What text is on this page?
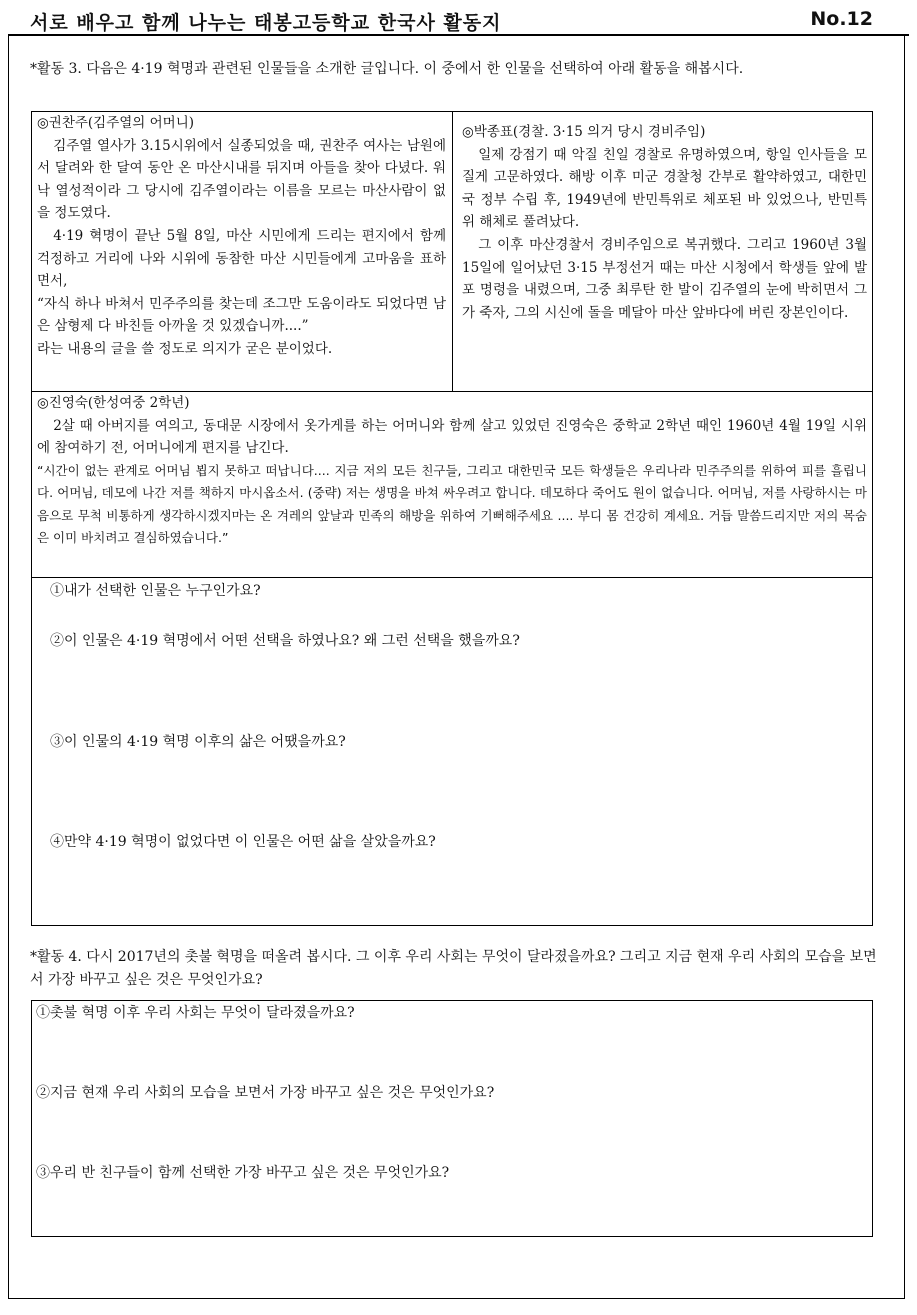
서로 배우고 함께 나누는 태봉고등학교 한국사 활동지	No.12
*활동 3. 다음은 4·19 혁명과 관련된 인물들을 소개한 글입니다. 이 중에서 한 인물을 선택하여 아래 활동을 해봅시다.

◎권찬주(김주열의 어머니)

김주열 열사가 3.15시위에서 실종되었을 때, 권찬주 여사는 남원에서 달려와 한 달여 동안 온 마산시내를 뒤지며 아들을 찾아 다녔다. 워낙 열성적이라 그 당시에 김주열이라는 이름을 모르는 마산사람이 없을 정도였다.

4·19 혁명이 끝난 5월 8일, 마산 시민에게 드리는 편지에서 함께 걱정하고 거리에 나와 시위에 동참한 마산 시민들에게 고마움을 표하면서,

“자식 하나 바쳐서 민주주의를 찾는데 조그만 도움이라도 되었다면 남은 삼형제 다 바친들 아까울 것 있겠습니까....”

라는 내용의 글을 쓸 정도로 의지가 굳은 분이었다.

◎박종표(경찰. 3·15 의거 당시 경비주임)

일제 강점기 때 악질 친일 경찰로 유명하였으며, 항일 인사들을 모질게 고문하였다. 해방 이후 미군 경찰청 간부로 활약하였고, 대한민국 정부 수립 후, 1949년에 반민특위로 체포된 바 있었으나, 반민특위 해체로 풀려났다.

그 이후 마산경찰서 경비주임으로 복귀했다. 그리고 1960년 3월 15일에 일어났던 3·15 부정선거 때는 마산 시청에서 학생들 앞에 발포 명령을 내렸으며, 그중 최루탄 한 발이 김주열의 눈에 박히면서 그가 죽자, 그의 시신에 돌을 메달아 마산 앞바다에 버린 장본인이다.

◎진영숙(한성여중 2학년)

2살 때 아버지를 여의고, 동대문 시장에서 옷가게를 하는 어머니와 함께 살고 있었던 진영숙은 중학교 2학년 때인 1960년 4월 19일 시위에 참여하기 전, 어머니에게 편지를 남긴다.

“시간이 없는 관계로 어머님 뵙지 못하고 떠납니다.... 지금 저의 모든 친구들, 그리고 대한민국 모든 학생들은 우리나라 민주주의를 위하여 피를 흘립니다. 어머님, 데모에 나간 저를 책하지 마시옵소서. (중략) 저는 생명을 바쳐 싸우려고 합니다. 데모하다 죽어도 원이 없습니다. 어머님, 저를 사랑하시는 마음으로 무척 비통하게 생각하시겠지마는 온 겨레의 앞날과 민족의 해방을 위하여 기뻐해주세요 .... 부디 몸 건강히 계세요. 거듭 말씀드리지만 저의 목숨은 이미 바치려고 결심하였습니다.”

①내가 선택한 인물은 누구인가요?
②이 인물은 4·19 혁명에서 어떤 선택을 하였나요? 왜 그런 선택을 했을까요?
③이 인물의 4·19 혁명 이후의 삶은 어땠을까요?
④만약 4·19 혁명이 없었다면 이 인물은 어떤 삶을 살았을까요?
*활동 4. 다시 2017년의 촛불 혁명을 떠올려 봅시다. 그 이후 우리 사회는 무엇이 달라졌을까요? 그리고 지금 현재 우리 사회의 모습을 보면서 가장 바꾸고 싶은 것은 무엇인가요?
①촛불 혁명 이후 우리 사회는 무엇이 달라졌을까요?
②지금 현재 우리 사회의 모습을 보면서 가장 바꾸고 싶은 것은 무엇인가요?
③우리 반 친구들이 함께 선택한 가장 바꾸고 싶은 것은 무엇인가요?
